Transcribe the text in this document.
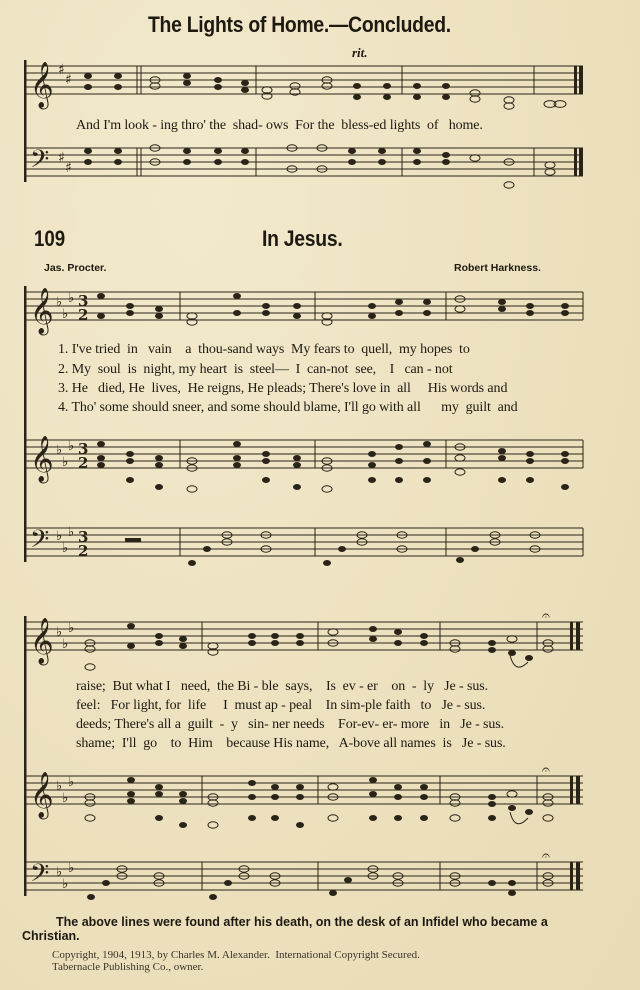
The Lights of Home.—Concluded.
rit.
𝄞
𝄢
♯
♯
♯
♯
And I'm look - ing thro' the  shad- ows  For the  bless-ed lights  of   home.
109	In Jesus.
Jas. Procter.	Robert Harkness.
𝄞
𝄞
𝄢
♭
♭
♭
♭
♭
♭
♭
♭
♭
3
2
3
2
3
2
1. I've tried  in   vain    a  thou-sand ways  My fears to  quell,  my hopes  to
2. My  soul  is  night, my heart  is  steel—  I  can-not  see,    I   can - not
3. He   died, He  lives,  He reigns, He pleads; There's love in  all     His words and
4. Tho' some should sneer, and some should blame, I'll go with all      my  guilt  and
𝄞
𝄞
𝄢
♭
♭
♭
♭
♭
♭
♭
♭
♭
𝄐
𝄐
𝄐
raise;  But what I   need,  the Bi - ble  says,    Is  ev - er    on  -  ly   Je - sus.
feel:   For light, for  life     I  must ap - peal    In sim-ple faith   to   Je - sus.
deeds; There's all a  guilt  -  y   sin- ner needs    For-ev- er- more   in   Je - sus.
shame;  I'll  go    to  Him    because His name,   A-bove all names  is   Je - sus.
The above lines were found after his death, on the desk of an Infidel who became a
Christian.
Copyright, 1904, 1913, by Charles M. Alexander.  International Copyright Secured.
Tabernacle Publishing Co., owner.
